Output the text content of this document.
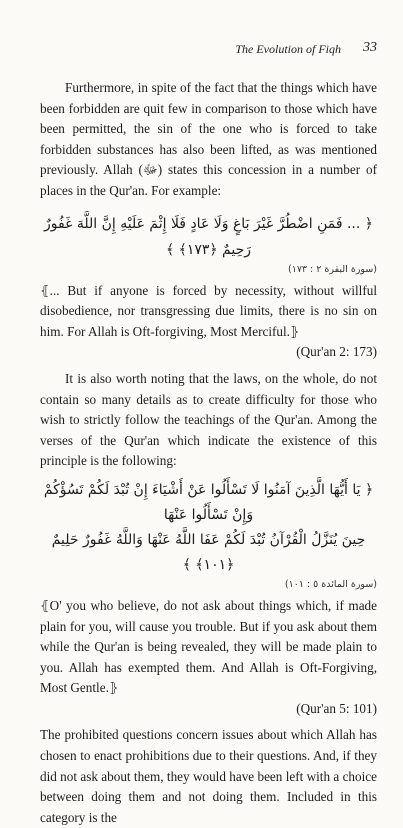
The Evolution of Fiqh 33

Furthermore, in spite of the fact that the things which have been forbidden are quit few in comparison to those which have been permitted, the sin of the one who is forced to take forbidden substances has also been lifted, as was mentioned previously. Allah (ﷻ) states this concession in a number of places in the Qur'an. For example:

﴿ ... فَمَنِ اضْطُرَّ غَيْرَ بَاغٍ وَلَا عَادٍ فَلَا إِثْمَ عَلَيْهِ إِنَّ اللَّهَ غَفُورٌ رَحِيمٌ ﴿١٧٣﴾ ﴾
(سورة البقرة ٢ : ١٧٣)

⦃... But if anyone is forced by necessity, without willful disobedience, nor transgressing due limits, there is no sin on him. For Allah is Oft-forgiving, Most Merciful.⦄

(Qur'an 2: 173)

It is also worth noting that the laws, on the whole, do not contain so many details as to create difficulty for those who wish to strictly follow the teachings of the Qur'an. Among the verses of the Qur'an which indicate the existence of this principle is the following:

﴿ يَا أَيُّهَا الَّذِينَ آمَنُوا لَا تَسْأَلُوا عَنْ أَشْيَاءَ إِنْ تُبْدَ لَكُمْ تَسُؤْكُمْ وَإِنْ تَسْأَلُوا عَنْهَا
حِينَ يُنَزَّلُ الْقُرْآنُ تُبْدَ لَكُمْ عَفَا اللَّهُ عَنْهَا وَاللَّهُ غَفُورٌ حَلِيمٌ ﴿١٠١﴾ ﴾
(سورة المائدة ٥ : ١٠١)

⦃O' you who believe, do not ask about things which, if made plain for you, will cause you trouble. But if you ask about them while the Qur'an is being revealed, they will be made plain to you. Allah has exempted them. And Allah is Oft-Forgiving, Most Gentle.⦄

(Qur'an 5: 101)

The prohibited questions concern issues about which Allah has chosen to enact prohibitions due to their questions. And, if they did not ask about them, they would have been left with a choice between doing them and not doing them. Included in this category is the
